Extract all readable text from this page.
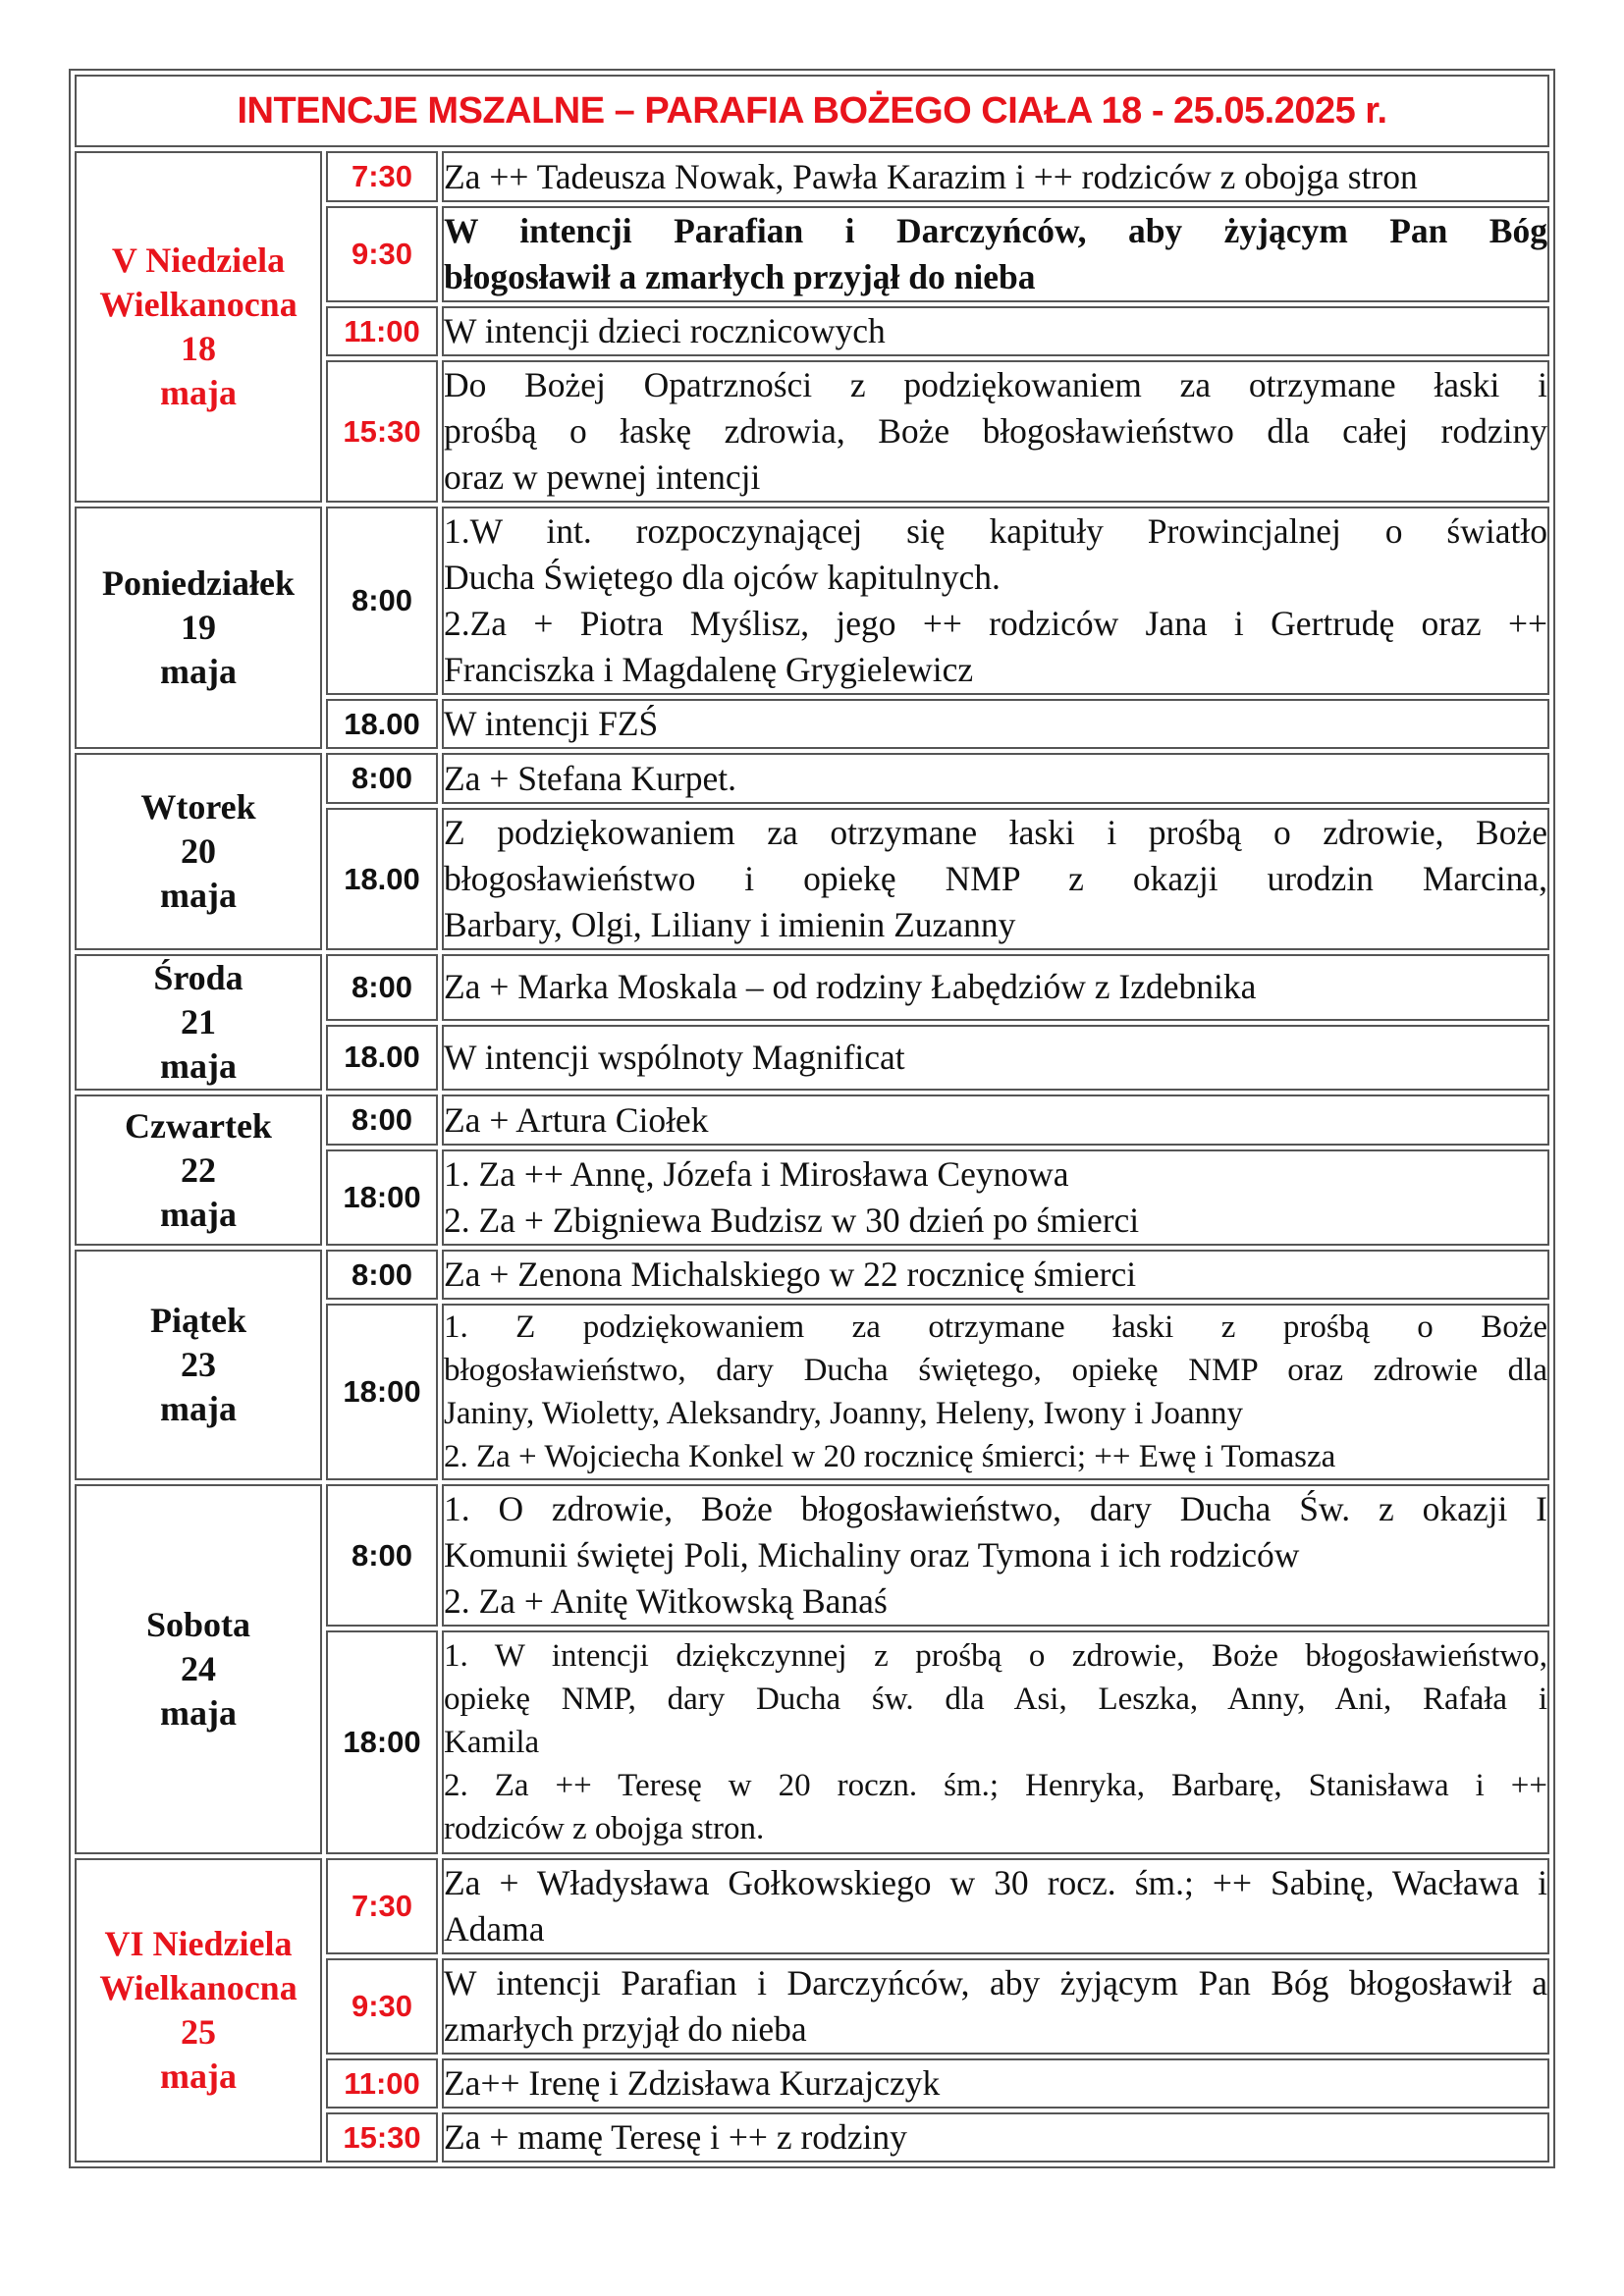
INTENCJE MSZALNE – PARAFIA BOŻEGO CIAŁA 18 - 25.05.2025 r.		

V Niedziela
Wielkanocna
18
maja	7:30	Za ++ Tadeusza Nowak, Pawła Karazim i ++ rodziców z obojga stron

	9:30	W intencji Parafian i Darczyńców, aby żyjącym Pan Bóg
błogosławił a zmarłych przyjął do nieba

	11:00	W intencji dzieci rocznicowych

	15:30	Do Bożej Opatrzności z podziękowaniem za otrzymane łaski i
prośbą o łaskę zdrowia, Boże błogosławieństwo dla całej rodziny
oraz w pewnej intencji

Poniedziałek
19
maja	8:00	1.W int. rozpoczynającej się kapituły Prowincjalnej o światło
Ducha Świętego dla ojców kapitulnych.
2.Za + Piotra Myślisz, jego ++ rodziców Jana i Gertrudę oraz ++
Franciszka i Magdalenę Grygielewicz

	18.00	W intencji FZŚ

Wtorek
20
maja	8:00	Za + Stefana Kurpet.

	18.00	Z podziękowaniem za otrzymane łaski i prośbą o zdrowie, Boże
błogosławieństwo i opiekę NMP z okazji urodzin Marcina,
Barbary, Olgi, Liliany i imienin Zuzanny

Środa
21
maja	8:00	Za + Marka Moskala – od rodziny Łabędziów z Izdebnika

	18.00	W intencji wspólnoty Magnificat

Czwartek
22
maja	8:00	Za + Artura Ciołek

	18:00	1. Za ++ Annę, Józefa i Mirosława Ceynowa
2. Za + Zbigniewa Budzisz w 30 dzień po śmierci

Piątek
23
maja	8:00	Za + Zenona Michalskiego w 22 rocznicę śmierci

	18:00	1. Z podziękowaniem za otrzymane łaski z prośbą o Boże
błogosławieństwo, dary Ducha świętego, opiekę NMP oraz zdrowie dla
Janiny, Wioletty, Aleksandry, Joanny, Heleny, Iwony i Joanny
2. Za + Wojciecha Konkel w 20 rocznicę śmierci; ++ Ewę i Tomasza

Sobota
24
maja	8:00	1. O zdrowie, Boże błogosławieństwo, dary Ducha Św. z okazji I
Komunii świętej Poli, Michaliny oraz Tymona i ich rodziców
2. Za + Anitę Witkowską Banaś

	18:00	1. W intencji dziękczynnej z prośbą o zdrowie, Boże błogosławieństwo,
opiekę NMP, dary Ducha św. dla Asi, Leszka, Anny, Ani, Rafała i
Kamila
2. Za ++ Teresę w 20 roczn. śm.; Henryka, Barbarę, Stanisława i ++
rodziców z obojga stron.

VI Niedziela
Wielkanocna
25
maja	7:30	Za + Władysława Gołkowskiego w 30 rocz. śm.; ++ Sabinę, Wacława i
Adama

	9:30	W intencji Parafian i Darczyńców, aby żyjącym Pan Bóg błogosławił a
zmarłych przyjął do nieba

	11:00	Za++ Irenę i Zdzisława Kurzajczyk

	15:30	Za + mamę Teresę i ++ z rodziny
